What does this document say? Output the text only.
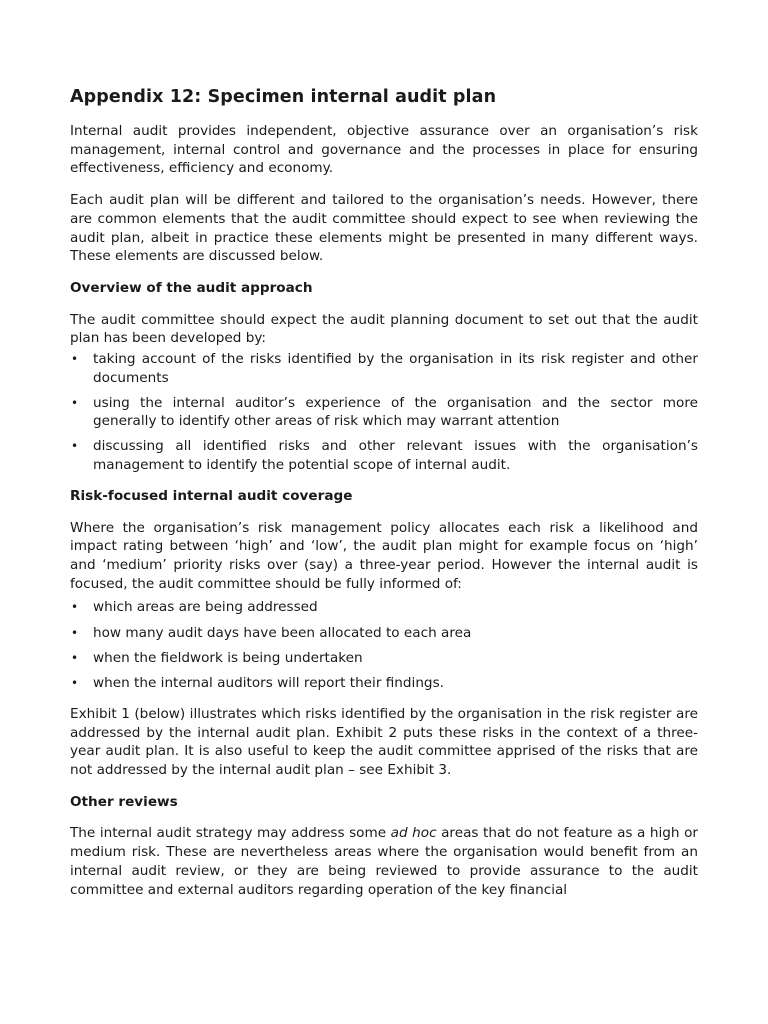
Appendix 12: Specimen internal audit plan

Internal audit provides independent, objective assurance over an organisation’s risk management, internal control and governance and the processes in place for ensuring effectiveness, efficiency and economy.

Each audit plan will be different and tailored to the organisation’s needs. However, there are common elements that the audit committee should expect to see when reviewing the audit plan, albeit in practice these elements might be presented in many different ways. These elements are discussed below.

Overview of the audit approach

The audit committee should expect the audit planning document to set out that the audit plan has been developed by:

• taking account of the risks identified by the organisation in its risk register and other documents
• using the internal auditor’s experience of the organisation and the sector more generally to identify other areas of risk which may warrant attention
• discussing all identified risks and other relevant issues with the organisation’s management to identify the potential scope of internal audit.
Risk-focused internal audit coverage

Where the organisation’s risk management policy allocates each risk a likelihood and impact rating between ‘high’ and ‘low’, the audit plan might for example focus on ‘high’ and ‘medium’ priority risks over (say) a three-year period. However the internal audit is focused, the audit committee should be fully informed of:

• which areas are being addressed
• how many audit days have been allocated to each area
• when the fieldwork is being undertaken
• when the internal auditors will report their findings.

Exhibit 1 (below) illustrates which risks identified by the organisation in the risk register are addressed by the internal audit plan. Exhibit 2 puts these risks in the context of a three-year audit plan. It is also useful to keep the audit committee apprised of the risks that are not addressed by the internal audit plan – see Exhibit 3.

Other reviews

The internal audit strategy may address some ad hoc areas that do not feature as a high or medium risk. These are nevertheless areas where the organisation would benefit from an internal audit review, or they are being reviewed to provide assurance to the audit committee and external auditors regarding operation of the key financial
